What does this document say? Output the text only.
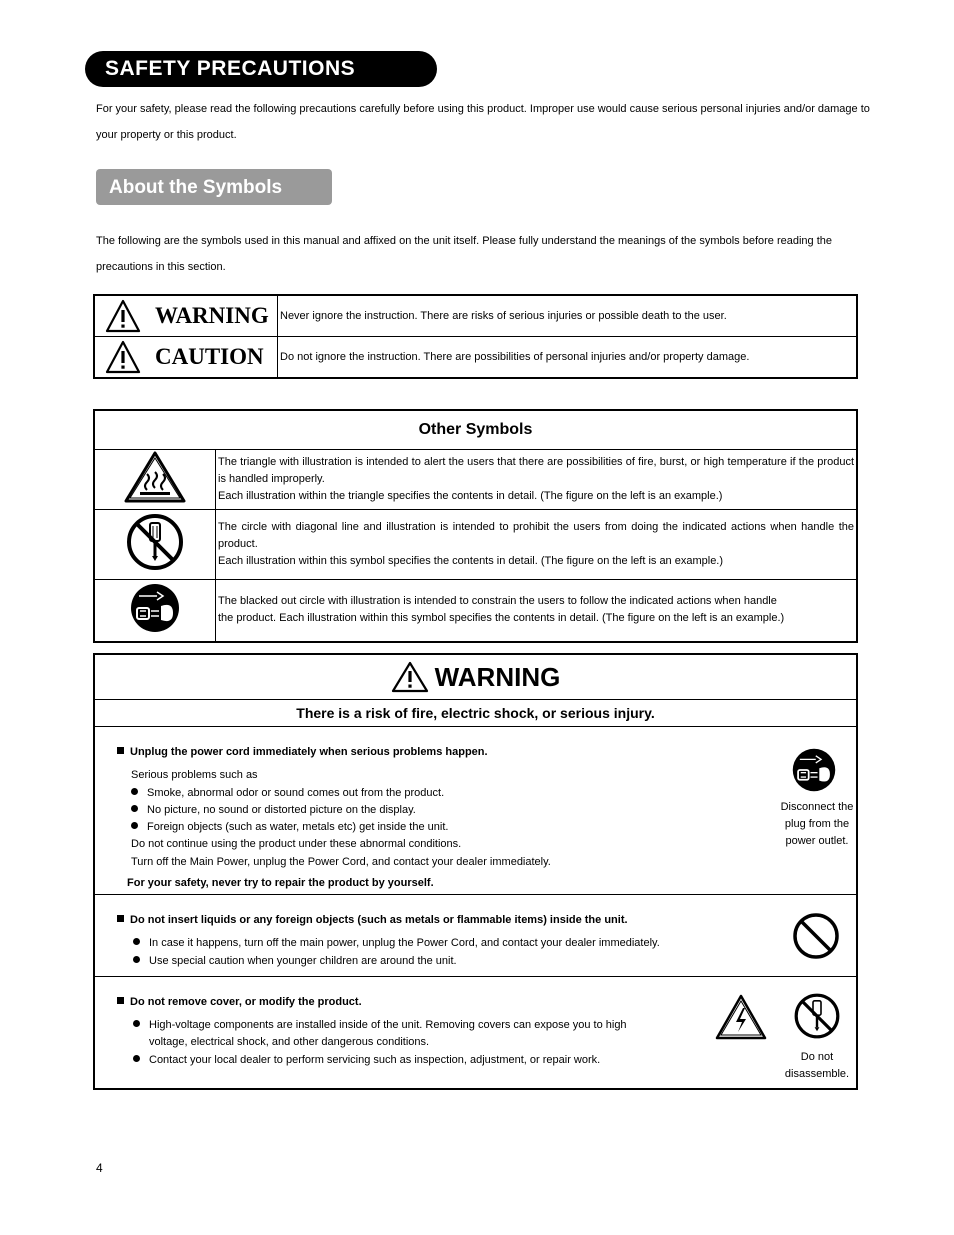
SAFETY PRECAUTIONS
For your safety, please read the following precautions carefully before using this product. Improper use would cause serious personal injuries and/or damage to your property or this product.
About the Symbols
The following are the symbols used in this manual and affixed on the unit itself. Please fully understand the meanings of the symbols before reading the precautions in this section.
WARNING	Never ignore the instruction. There are risks of serious injuries or possible death to the user.
CAUTION	Do not ignore the instruction. There are possibilities of personal injuries and/or property damage.
Other Symbols	
	The triangle with illustration is intended to alert the users that there are possibilities of fire, burst, or high temperature if the product is handled improperly.
Each illustration within the triangle specifies the contents in detail. (The figure on the left is an example.)
	The circle with diagonal line and illustration is intended to prohibit the users from doing the indicated actions when handle the product.
Each illustration within this symbol specifies the contents in detail. (The figure on the left is an example.)
	The blacked out circle with illustration is intended to constrain the users to follow the indicated actions when handle
the product. Each illustration within this symbol specifies the contents in detail. (The figure on the left is an example.)
WARNING
There is a risk of fire, electric shock, or serious injury.
Unplug the power cord immediately when serious problems happen.
Serious problems such as
Smoke, abnormal odor or sound comes out from the product.
No picture, no sound or distorted picture on the display.
Foreign objects (such as water, metals etc) get inside the unit.
Do not continue using the product under these abnormal conditions.
Turn off the Main Power, unplug the Power Cord, and contact your dealer immediately.
For your safety, never try to repair the product by yourself.
Disconnect the
plug from the
power outlet.
Do not insert liquids or any foreign objects (such as metals or flammable items) inside the unit.
In case it happens, turn off the main power, unplug the Power Cord, and contact your dealer immediately.
Use special caution when younger children are around the unit.
Do not remove cover, or modify the product.
High-voltage components are installed inside of the unit. Removing covers can expose you to high
voltage, electrical shock, and other dangerous conditions.
Contact your local dealer to perform servicing such as inspection, adjustment, or repair work.	Do not
disassemble.
4
